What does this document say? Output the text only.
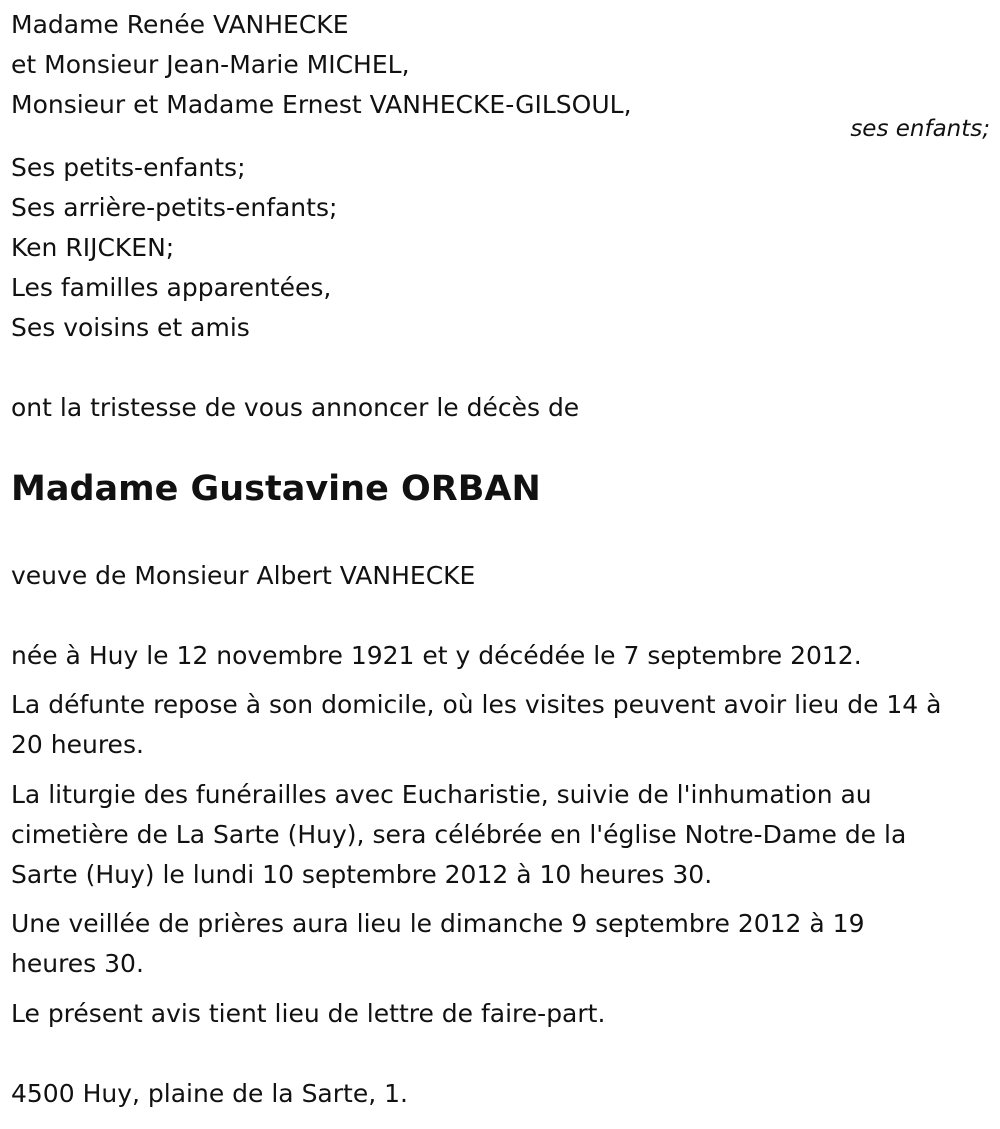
Madame Renée VANHECKE
et Monsieur Jean-Marie MICHEL,
Monsieur et Madame Ernest VANHECKE-GILSOUL,
ses enfants;
Ses petits-enfants;
Ses arrière-petits-enfants;
Ken RIJCKEN;
Les familles apparentées,
Ses voisins et amis
ont la tristesse de vous annoncer le décès de
Madame Gustavine ORBAN
veuve de Monsieur Albert VANHECKE
née à Huy le 12 novembre 1921 et y décédée le 7 septembre 2012.
La défunte repose à son domicile, où les visites peuvent avoir lieu de 14 à
20 heures.
La liturgie des funérailles avec Eucharistie, suivie de l'inhumation au
cimetière de La Sarte (Huy), sera célébrée en l'église Notre-Dame de la
Sarte (Huy) le lundi 10 septembre 2012 à 10 heures 30.
Une veillée de prières aura lieu le dimanche 9 septembre 2012 à 19
heures 30.
Le présent avis tient lieu de lettre de faire-part.
4500 Huy, plaine de la Sarte, 1.
